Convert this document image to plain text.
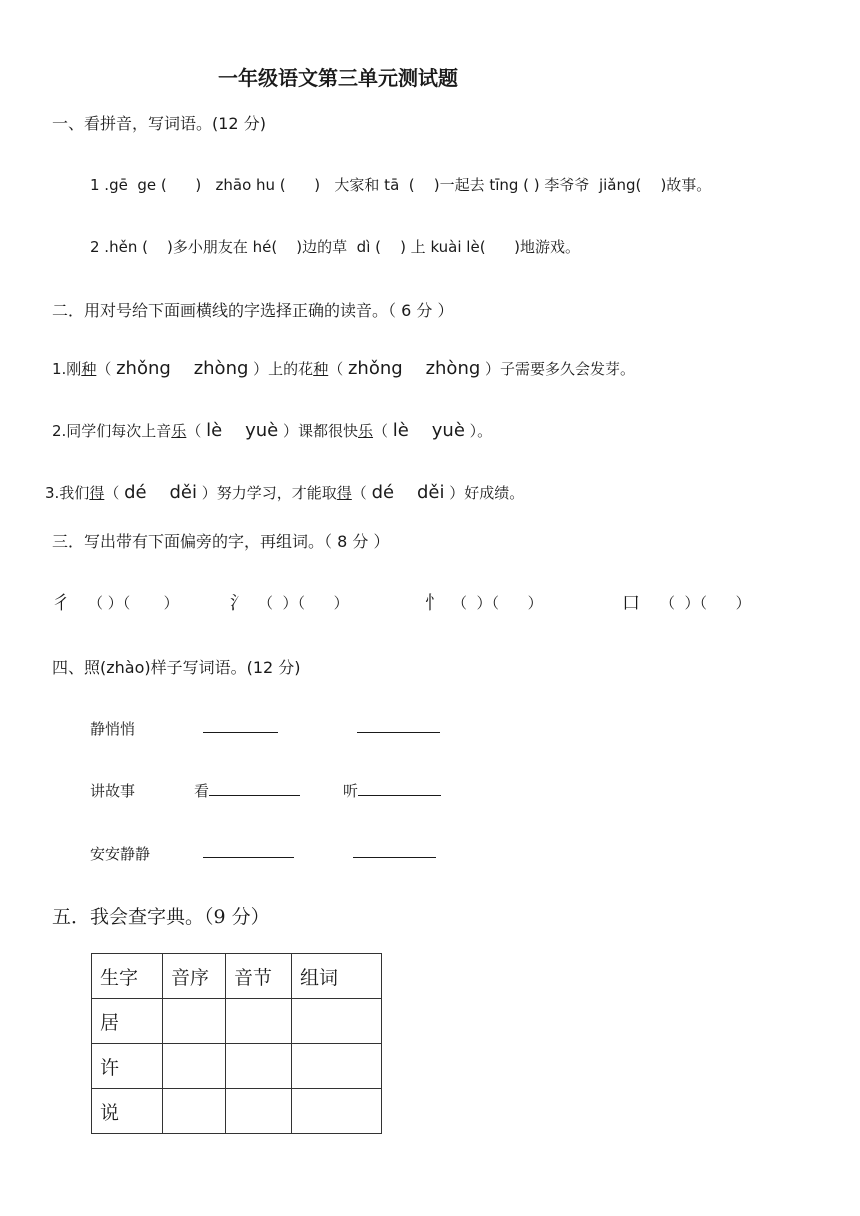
一年级语文第三单元测试题
一、看拼音，写词语。(12 分)
1 .gē  ge (      )   zhāo hu (      )   大家和 tā  (    )一起去 tīng ( ) 李爷爷  jiǎng(    )故事。
2 .hěn (    )多小朋友在 hé(    )边的草  dì (    ) 上 kuài lè(      )地游戏。
二．用对号给下面画横线的字选择正确的读音。（ 6 分 ）
1.刚种（ zhǒng    zhòng ）上的花种（ zhǒng    zhòng ）子需要多久会发芽。
2.同学们每次上音乐（ lè    yuè ）课都很快乐（ lè    yuè ）。
3.我们得（ dé    děi ）努力学习，才能取得（ dé    děi ）好成绩。
三．写出带有下面偏旁的字，再组词。（ 8 分 ）
彳 （ ）（       ）	氵 （  ）（      ）	忄 （  ）（      ）	口 （  ）（      ）
四、照(zhào)样子写词语。(12 分)
静悄悄
讲故事	看	听
安安静静
五．我会查字典。（9 分）
生字	音序	音节	组词
居			
许			
说			
